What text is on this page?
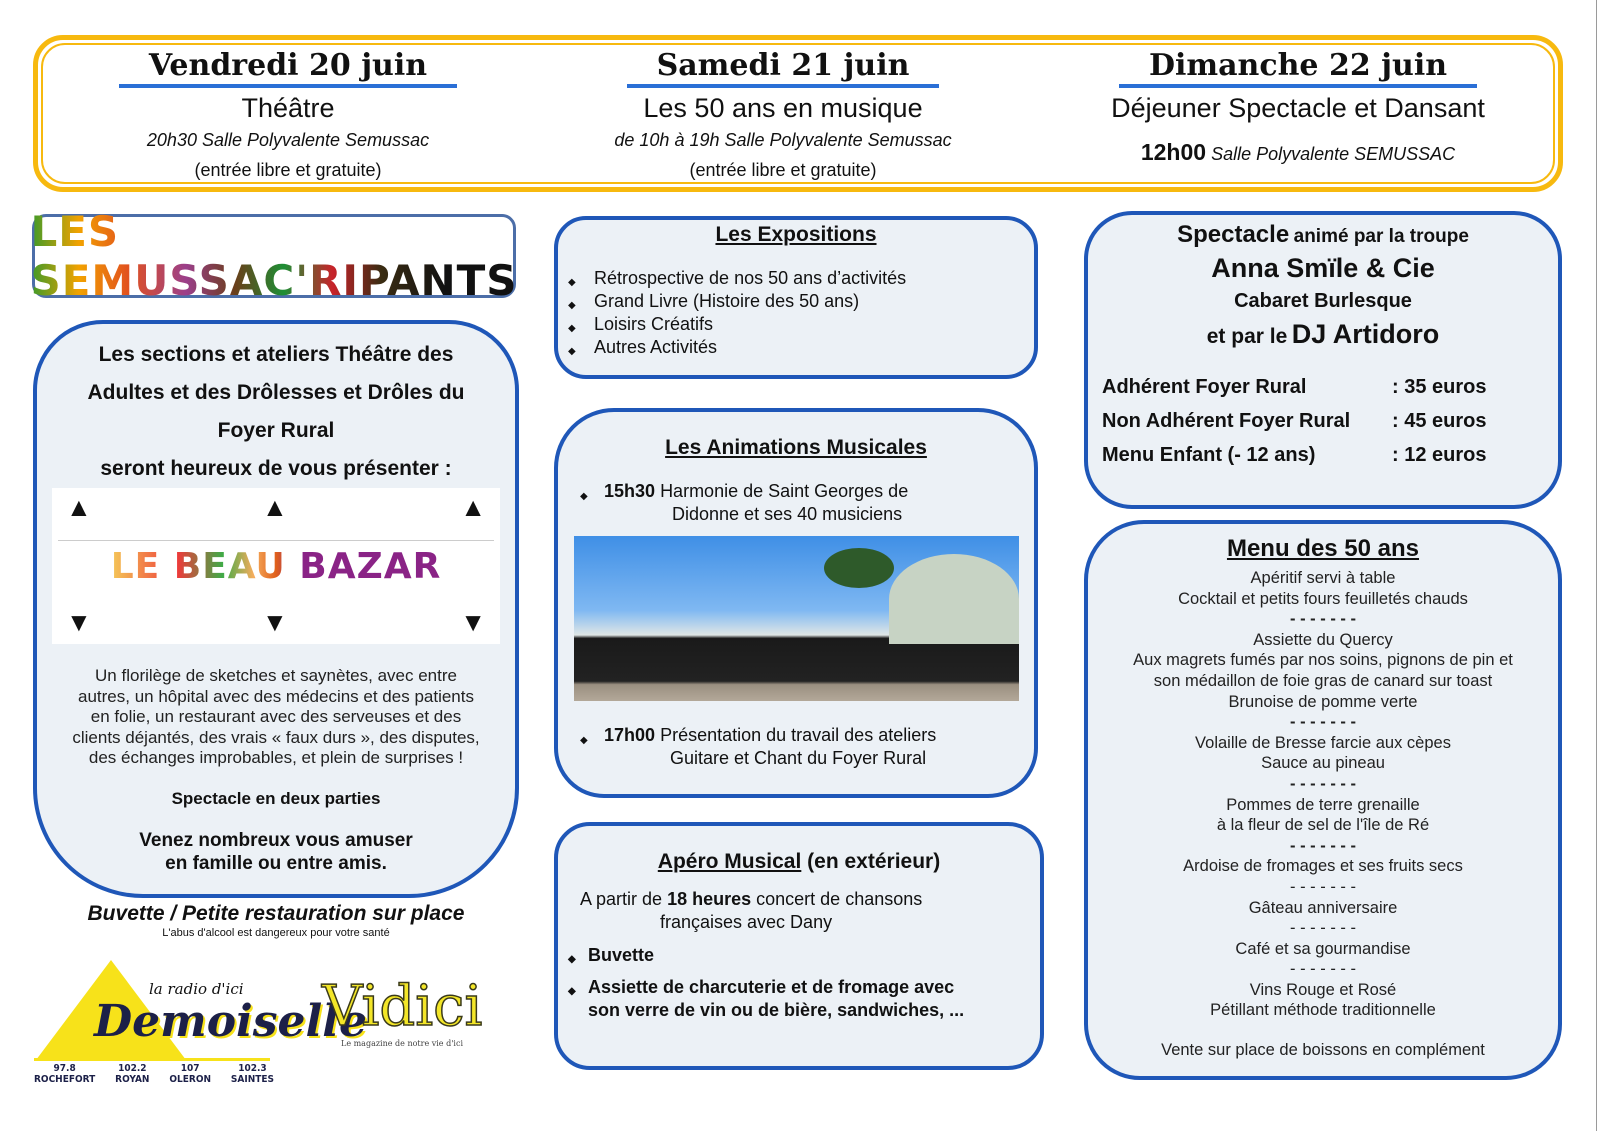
Vendredi 20 juin
Théâtre
20h30 Salle Polyvalente Semussac
(entrée libre et gratuite)
Samedi 21 juin
Les 50 ans en musique
de 10h à 19h Salle Polyvalente Semussac
(entrée libre et gratuite)
Dimanche 22 juin
Déjeuner Spectacle et Dansant
12h00 Salle Polyvalente SEMUSSAC
LES SEMUSSAC'RIPANTS
Les sections et ateliers Théâtre des
Adultes et des Drôlesses et Drôles du
Foyer Rural
seront heureux de vous présenter :
▲	▲	▲
▼	▼	▼
LE BEAU BAZAR
Un florilège de sketches et saynètes, avec entre
autres, un hôpital avec des médecins et des patients
en folie, un restaurant avec des serveuses et des
clients déjantés, des vrais « faux durs », des disputes,
des échanges improbables, et plein de surprises !
Spectacle en deux parties
Venez nombreux vous amuser
en famille ou entre amis.
Buvette / Petite restauration sur place
L'abus d'alcool est dangereux pour votre santé
la radio d'ici
Demoiselle
97.8
ROCHEFORT
102.2
ROYAN
107
OLERON
102.3
SAINTES
Vidici
Le magazine de notre vie d'ici
Les Expositions
◆ Rétrospective de nos 50 ans d’activités
◆ Grand Livre (Histoire des 50 ans)
◆ Loisirs Créatifs
◆ Autres Activités
Les Animations Musicales
◆ 15h30 Harmonie de Saint Georges de
Didonne et ses 40 musiciens
◆ 17h00 Présentation du travail des ateliers
Guitare et Chant du Foyer Rural
Apéro Musical (en extérieur)
A partir de 18 heures concert de chansons
françaises avec Dany
◆ Buvette
◆ Assiette de charcuterie et de fromage avec
son verre de vin ou de bière, sandwiches, ...
Spectacle animé par la troupe
Anna Smïle & Cie
Cabaret Burlesque
et par le DJ Artidoro
Adhérent Foyer Rural	: 35 euros
Non Adhérent Foyer Rural : 45 euros
Menu Enfant (- 12 ans)	: 12 euros
Menu des 50 ans
Apéritif servi à table
Cocktail et petits fours feuilletés chauds
- - - - - - -
Assiette du Quercy
Aux magrets fumés par nos soins, pignons de pin et
son médaillon de foie gras de canard sur toast
Brunoise de pomme verte
- - - - - - -
Volaille de Bresse farcie aux cèpes
Sauce au pineau
- - - - - - -
Pommes de terre grenaille
à la fleur de sel de l'île de Ré
- - - - - - -
Ardoise de fromages et ses fruits secs
- - - - - - -
Gâteau anniversaire
- - - - - - -
Café et sa gourmandise
- - - - - - -
Vins Rouge et Rosé
Pétillant méthode traditionnelle
Vente sur place de boissons en complément
